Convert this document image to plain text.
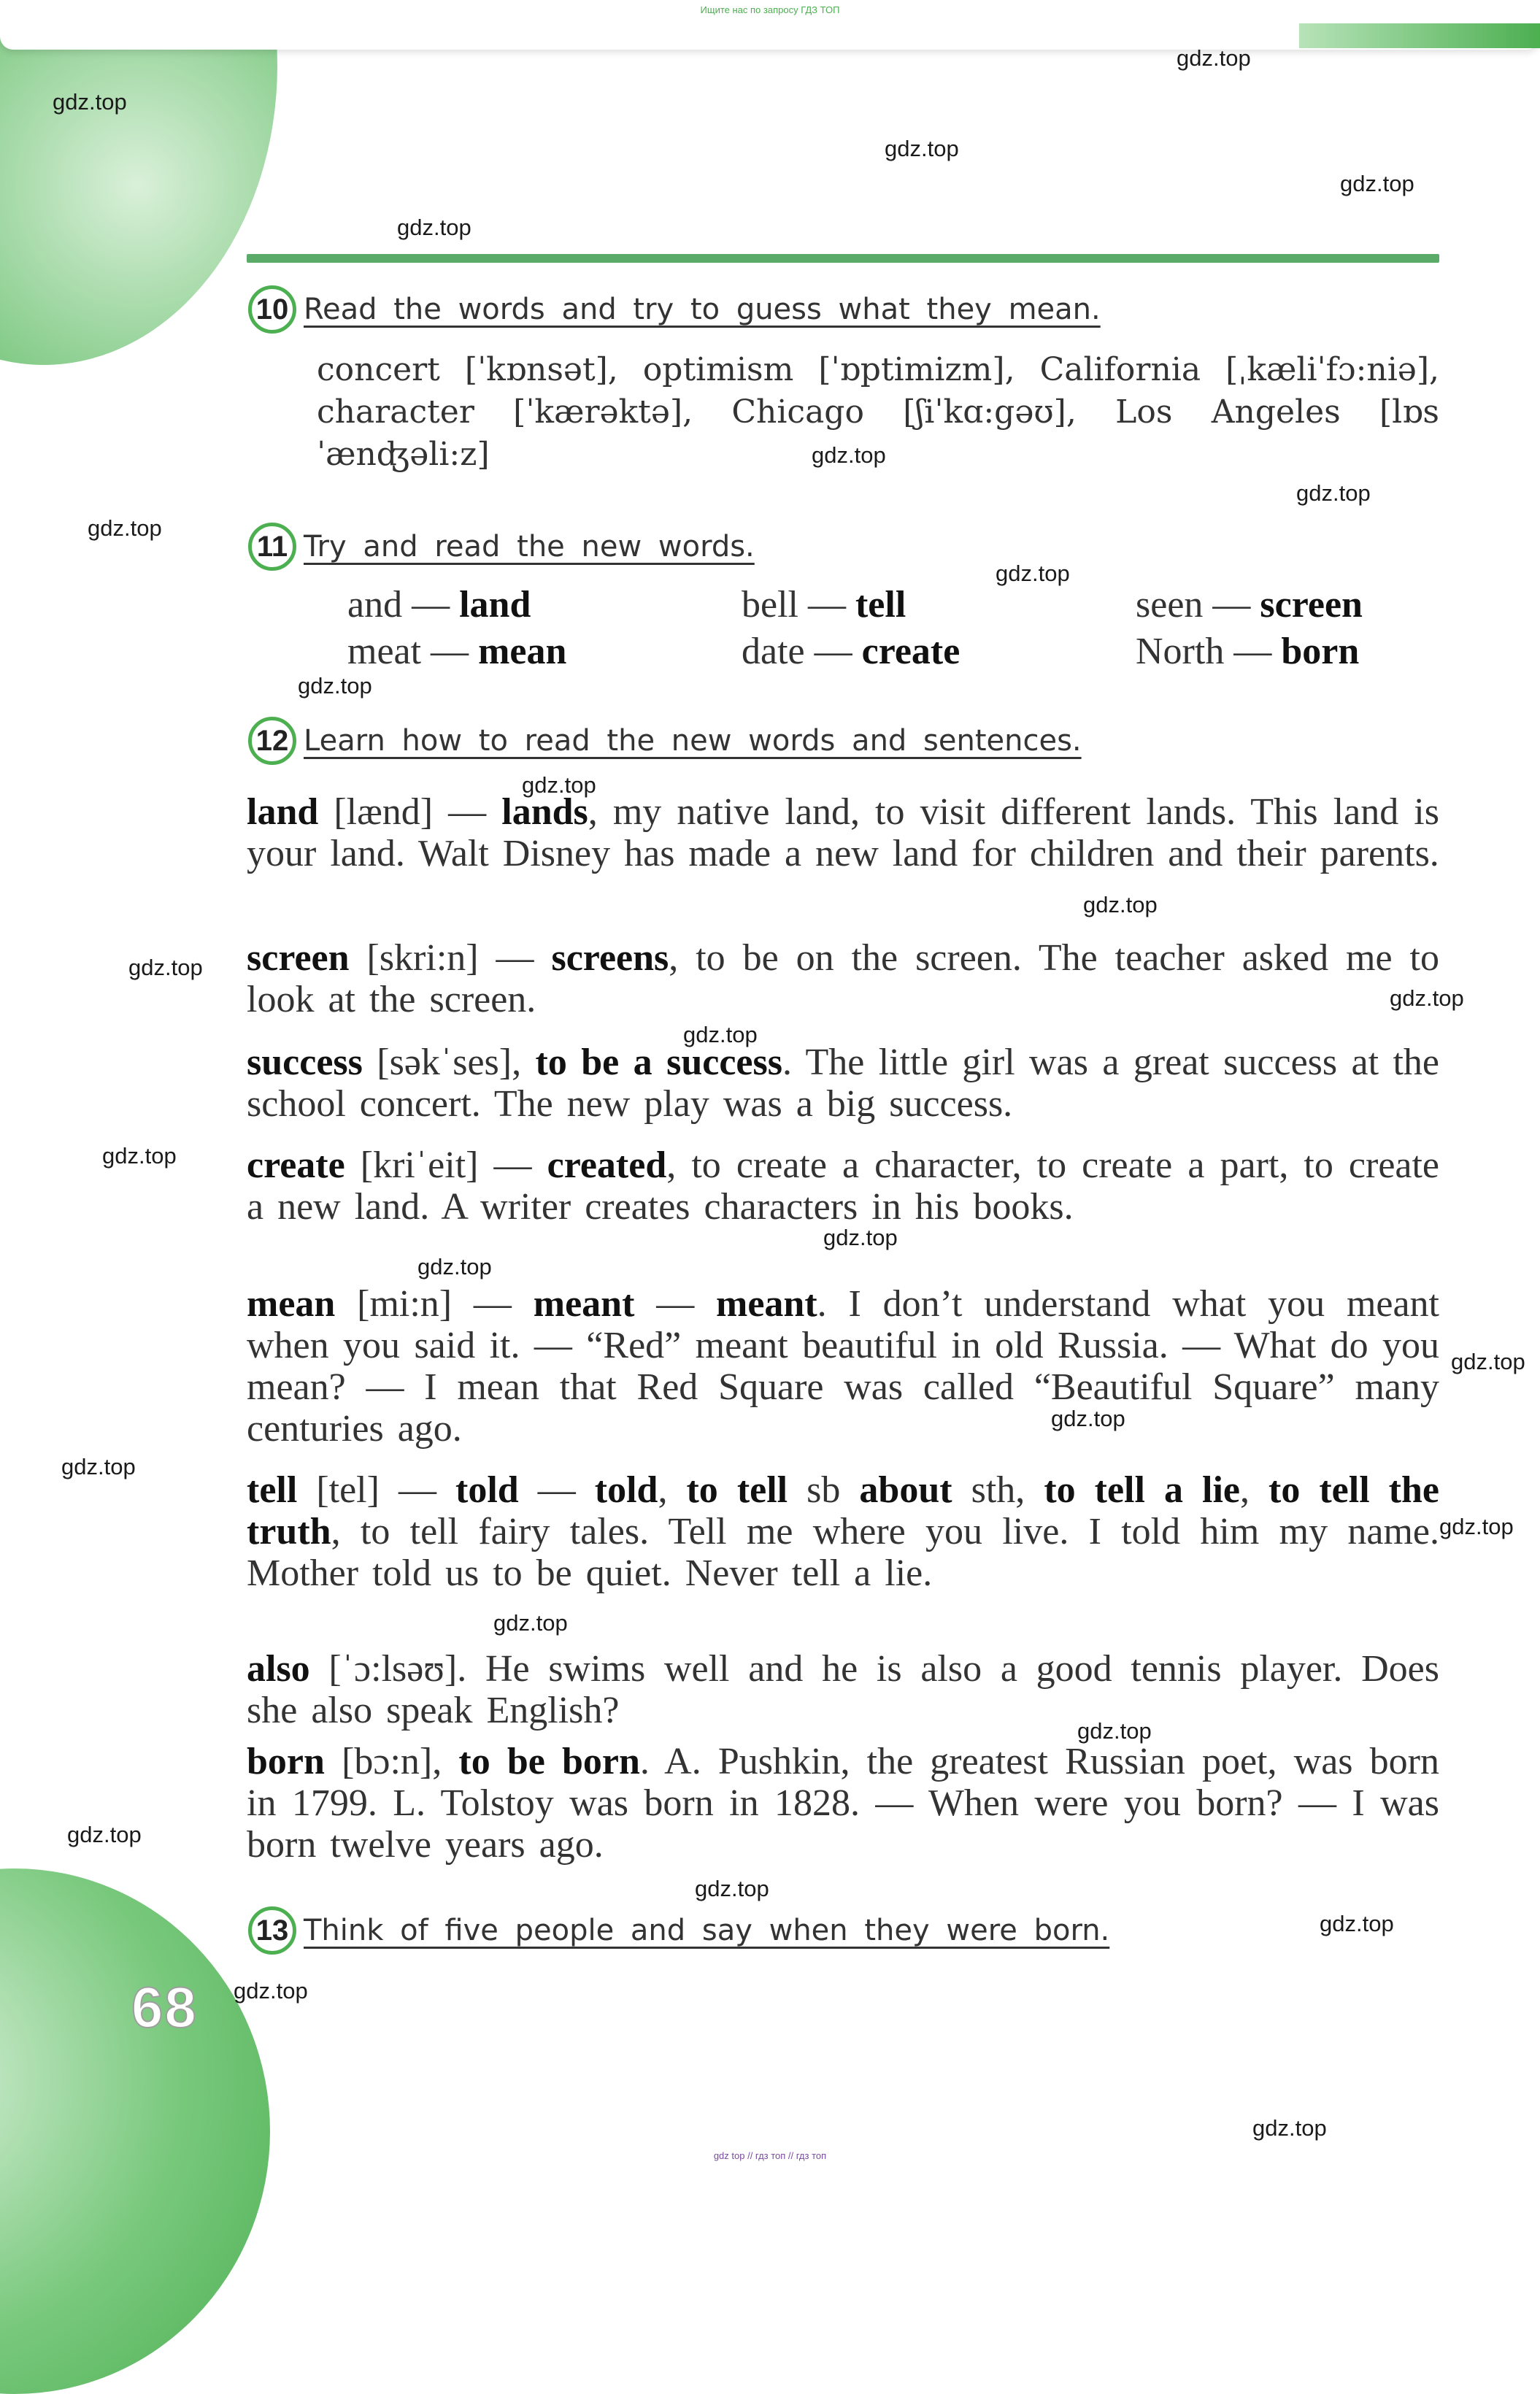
Ищите нас по запросу ГДЗ ТОП
10 Read the words and try to guess what they mean.
concert [ˈkɒnsət], optimism [ˈɒptimizm], California [ˌkæliˈfɔ:niə], character [ˈkærəktə], Chicago [ʃiˈkɑ:gəʊ], Los Angeles [lɒs ˈænʤəli:z]
11 Try and read the new words.
and — land	bell — tell	seen — screen
meat — mean	date — create	North — born
12 Learn how to read the new words and sentences.
land [lænd] — lands, my native land, to visit different lands. This land is your land. Walt Disney has made a new land for children and their parents.
screen [skri:n] — screens, to be on the screen. The teacher asked me to look at the screen.
success [səkˈses], to be a success. The little girl was a great success at the school concert. The new play was a big success.
create [kriˈeit] — created, to create a character, to create a part, to create a new land. A writer creates characters in his books.
mean [mi:n] — meant — meant. I don’t understand what you meant when you said it. — “Red” meant beautiful in old Russia. — What do you mean? — I mean that Red Square was called “Beautiful Square” many centuries ago.
tell [tel] — told — told, to tell sb about sth, to tell a lie, to tell the truth, to tell fairy tales. Tell me where you live. I told him my name. Mother told us to be quiet. Never tell a lie.
also [ˈɔ:lsəʊ]. He swims well and he is also a good tennis player. Does she also speak English?
born [bɔ:n], to be born. A. Pushkin, the greatest Russian poet, was born in 1799. L. Tolstoy was born in 1828. — When were you born? — I was born twelve years ago.
13 Think of five people and say when they were born.
68
gdz.top
gdz.top
gdz.top
gdz.top
gdz.top
gdz.top
gdz.top
gdz.top
gdz.top
gdz.top
gdz.top
gdz.top
gdz.top
gdz.top
gdz.top
gdz.top
gdz.top
gdz.top
gdz.top
gdz.top
gdz.top
gdz.top
gdz.top
gdz.top
gdz.top
gdz.top
gdz.top
gdz.top
gdz.top
gdz top // гдз топ // гдз топ
